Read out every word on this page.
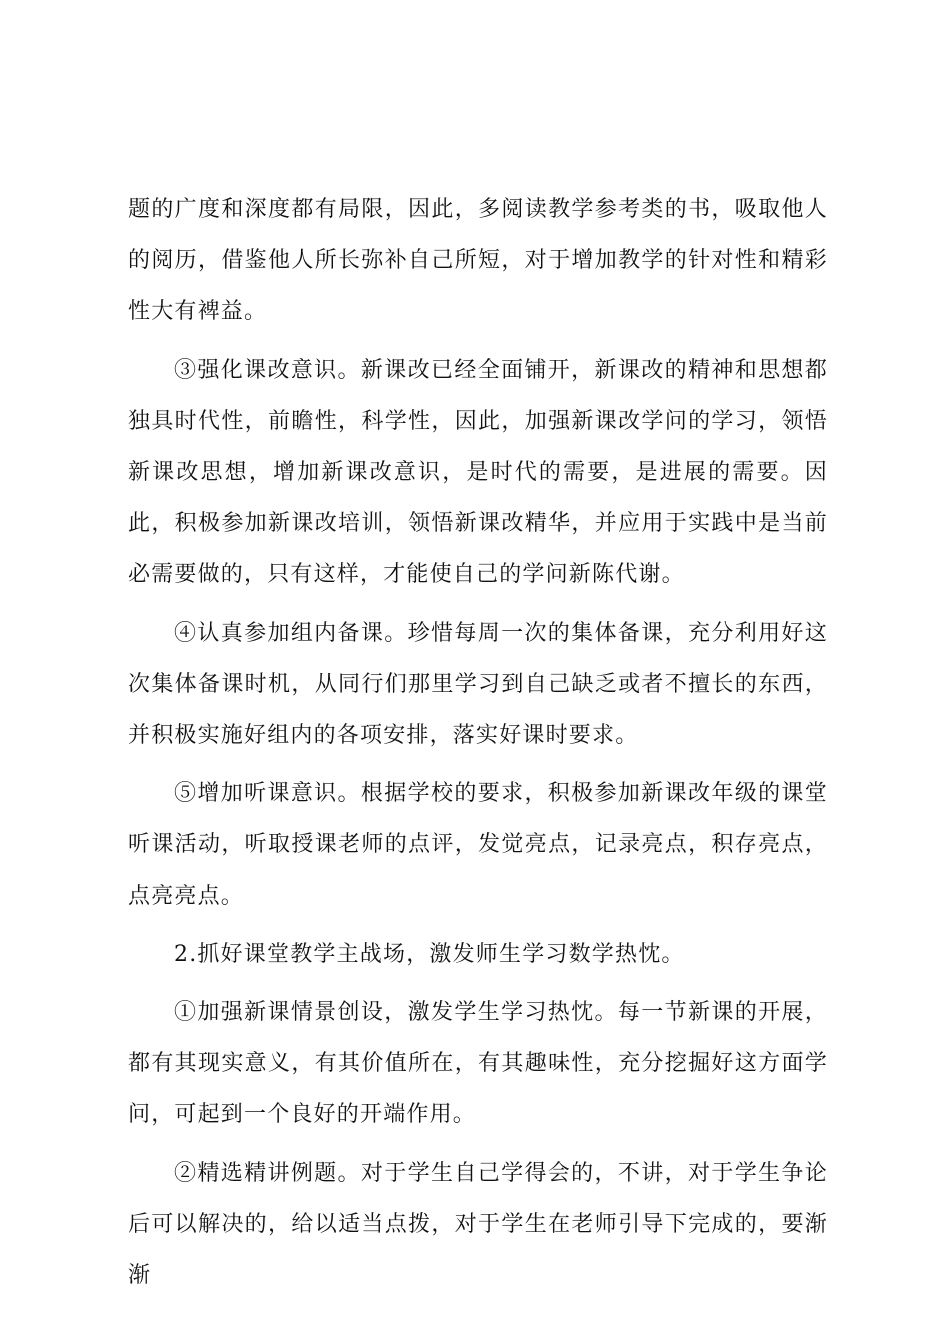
题的广度和深度都有局限，因此，多阅读教学参考类的书，吸取他人的阅历，借鉴他人所长弥补自己所短，对于增加教学的针对性和精彩性大有裨益。

③强化课改意识。新课改已经全面铺开，新课改的精神和思想都独具时代性，前瞻性，科学性，因此，加强新课改学问的学习，领悟新课改思想，增加新课改意识，是时代的需要，是进展的需要。因此，积极参加新课改培训，领悟新课改精华，并应用于实践中是当前必需要做的，只有这样，才能使自己的学问新陈代谢。

④认真参加组内备课。珍惜每周一次的集体备课，充分利用好这次集体备课时机，从同行们那里学习到自己缺乏或者不擅长的东西，并积极实施好组内的各项安排，落实好课时要求。

⑤增加听课意识。根据学校的要求，积极参加新课改年级的课堂听课活动，听取授课老师的点评，发觉亮点，记录亮点，积存亮点，点亮亮点。

2.抓好课堂教学主战场，激发师生学习数学热忱。

①加强新课情景创设，激发学生学习热忱。每一节新课的开展，都有其现实意义，有其价值所在，有其趣味性，充分挖掘好这方面学问，可起到一个良好的开端作用。

②精选精讲例题。对于学生自己学得会的，不讲，对于学生争论后可以解决的，给以适当点拨，对于学生在老师引导下完成的，要渐渐
